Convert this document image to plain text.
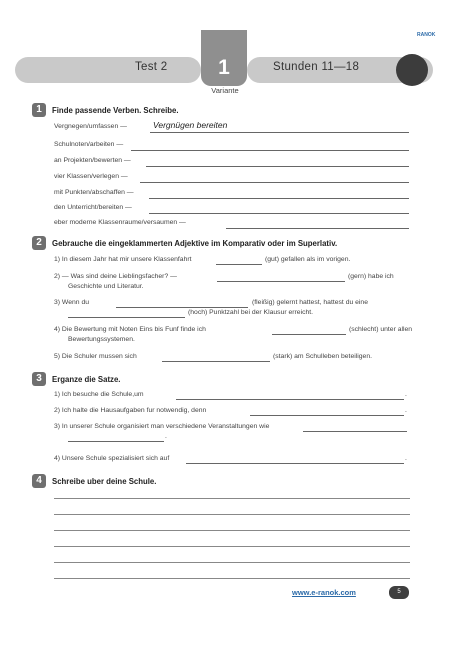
RANOK
Test 2	Stunden 11—18
1
Variante
1	Finde passende Verben. Schreibe.
Vergnegen/umfassen —	Vergnügen bereiten
Schulnoten/arbeiten —
an Projekten/bewerten —
vier Klassen/verlegen —
mit Punkten/abschaffen —
den Unterricht/bereiten —
eber moderne Klassenraume/versaumen —
2	Gebrauche die eingeklammerten Adjektive im Komparativ oder im Superlativ.
1) In diesem Jahr hat mir unsere Klassenfahrt	(gut) gefallen als im vorigen.
2) — Was sind deine Lieblingsfacher? —	(gern) habe ich
Geschichte und Literatur.
3) Wenn du	(fleißig) gelernt hattest, hattest du eine
(hoch) Punktzahl bei der Klausur erreicht.
4) Die Bewertung mit Noten Eins bis Funf finde ich	(schlecht) unter allen
Bewertungssystemen.
5) Die Schuler mussen sich	(stark) am Schulleben beteiligen.
3	Erganze die Satze.
1) Ich besuche die Schule,um	.
2) Ich halte die Hausaufgaben fur notwendig, denn	.
3) In unserer Schule organisiert man verschiedene Veranstaltungen wie
.
4) Unsere Schule spezialisiert sich auf	.
4	Schreibe uber deine Schule.
www.e-ranok.com	5
